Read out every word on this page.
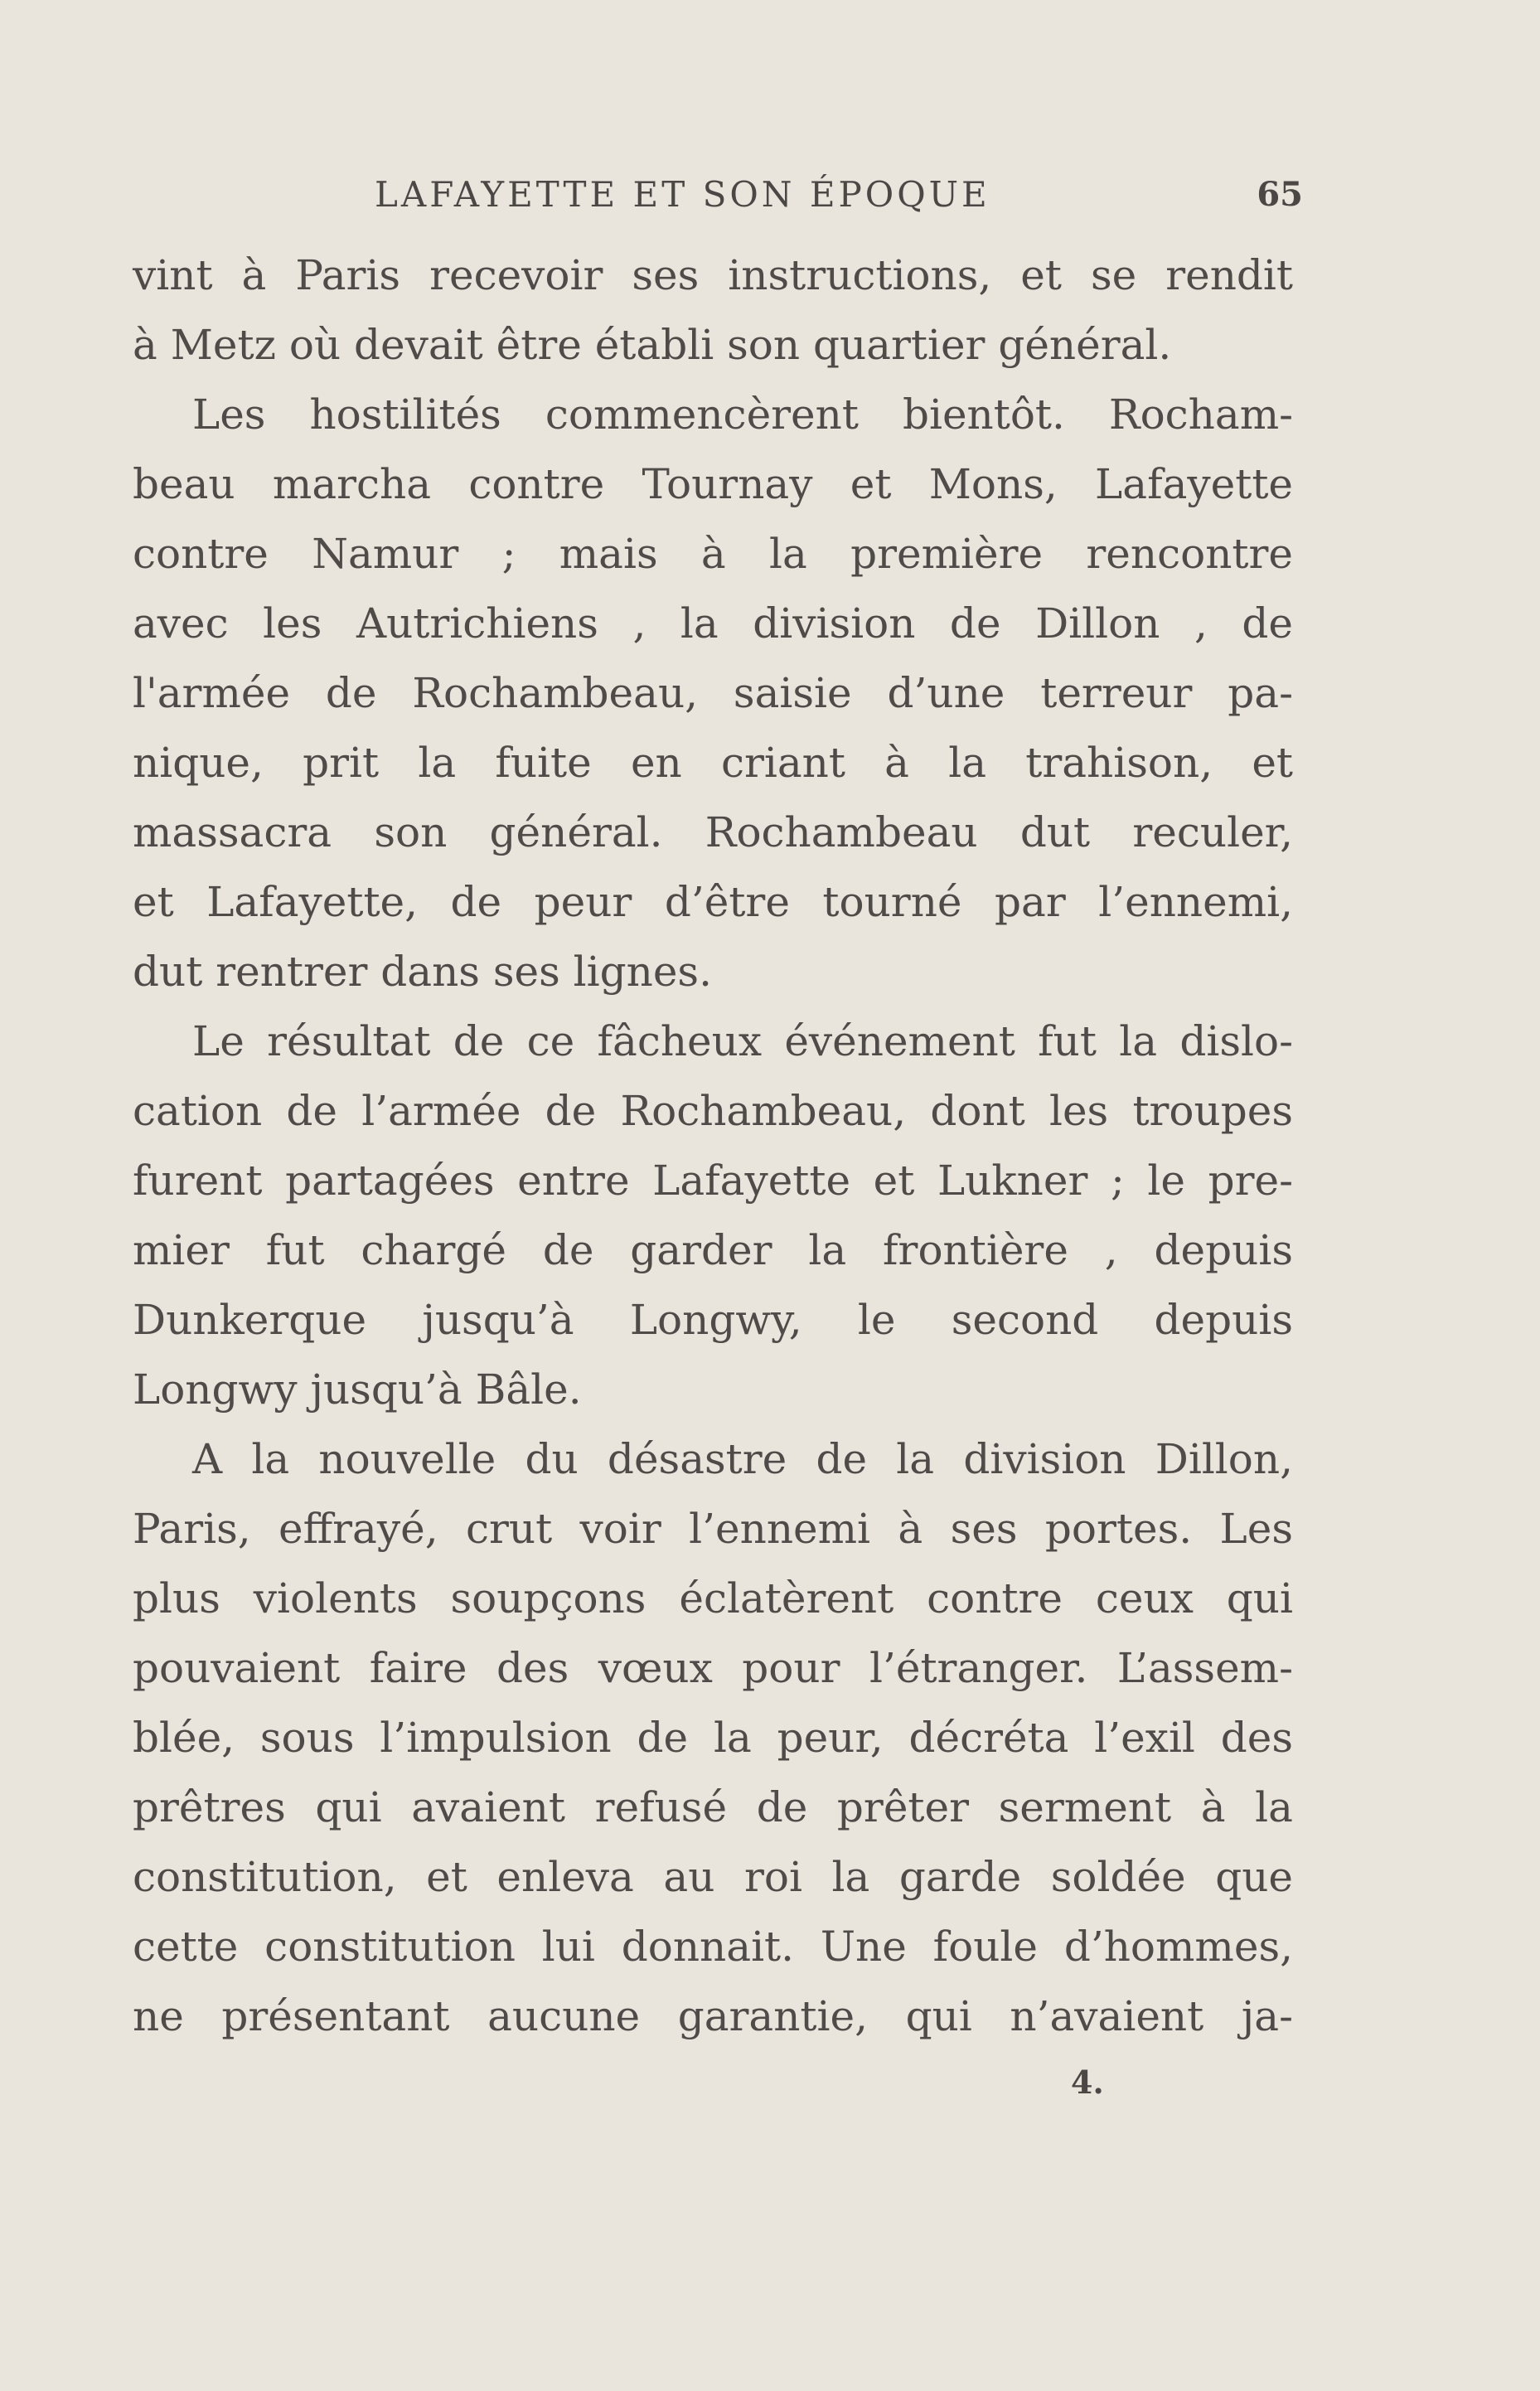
LAFAYETTE ET SON ÉPOQUE	65
vint à Paris recevoir ses instructions, et se rendit
à Metz où devait être établi son quartier général.
Les hostilités commencèrent bientôt. Rocham-
beau marcha contre Tournay et Mons, Lafayette
contre Namur ; mais à la première rencontre
avec les Autrichiens , la division de Dillon , de
l'armée de Rochambeau, saisie d’une terreur pa-
nique, prit la fuite en criant à la trahison, et
massacra son général. Rochambeau dut reculer,
et Lafayette, de peur d’être tourné par l’ennemi,
dut rentrer dans ses lignes.
Le résultat de ce fâcheux événement fut la dislo-
cation de l’armée de Rochambeau, dont les troupes
furent partagées entre Lafayette et Lukner ; le pre-
mier fut chargé de garder la frontière , depuis
Dunkerque jusqu’à Longwy, le second depuis
Longwy jusqu’à Bâle.
A la nouvelle du désastre de la division Dillon,
Paris, effrayé, crut voir l’ennemi à ses portes. Les
plus violents soupçons éclatèrent contre ceux qui
pouvaient faire des vœux pour l’étranger. L’assem-
blée, sous l’impulsion de la peur, décréta l’exil des
prêtres qui avaient refusé de prêter serment à la
constitution, et enleva au roi la garde soldée que
cette constitution lui donnait. Une foule d’hommes,
ne présentant aucune garantie, qui n’avaient ja-
4.
